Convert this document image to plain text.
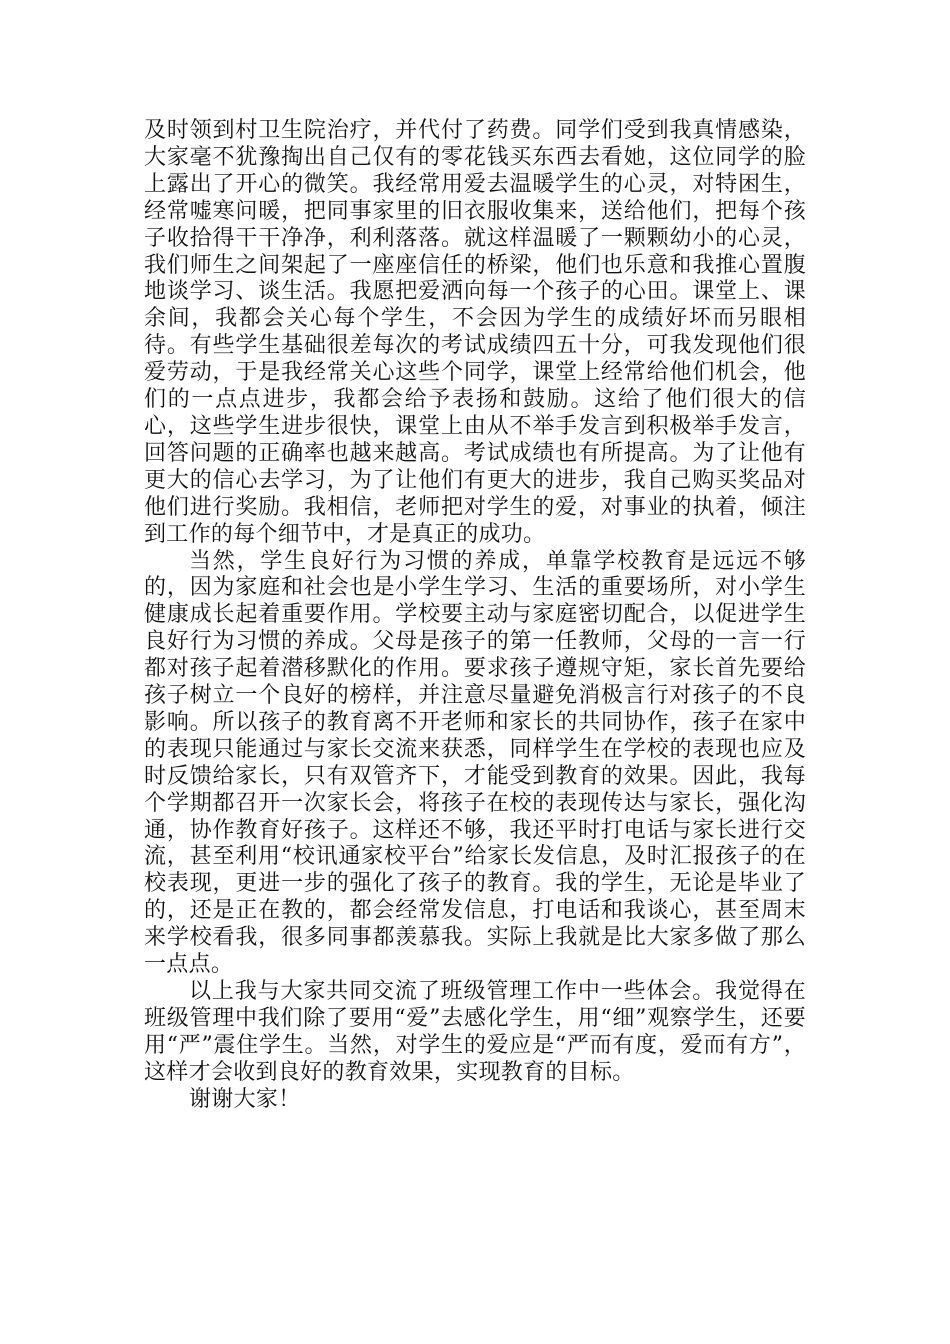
及时领到村卫生院治疗，并代付了药费。同学们受到我真情感染，大家毫不犹豫掏出自己仅有的零花钱买东西去看她，这位同学的脸上露出了开心的微笑。我经常用爱去温暖学生的心灵，对特困生，经常嘘寒问暖，把同事家里的旧衣服收集来，送给他们，把每个孩子收拾得干干净净，利利落落。就这样温暖了一颗颗幼小的心灵，我们师生之间架起了一座座信任的桥梁，他们也乐意和我推心置腹地谈学习、谈生活。我愿把爱洒向每一个孩子的心田。课堂上、课余间，我都会关心每个学生，不会因为学生的成绩好坏而另眼相待。有些学生基础很差每次的考试成绩四五十分，可我发现他们很爱劳动，于是我经常关心这些个同学，课堂上经常给他们机会，他们的一点点进步，我都会给予表扬和鼓励。这给了他们很大的信心，这些学生进步很快，课堂上由从不举手发言到积极举手发言，回答问题的正确率也越来越高。考试成绩也有所提高。为了让他有更大的信心去学习，为了让他们有更大的进步，我自己购买奖品对他们进行奖励。我相信，老师把对学生的爱，对事业的执着，倾注到工作的每个细节中，才是真正的成功。

当然，学生良好行为习惯的养成，单靠学校教育是远远不够的，因为家庭和社会也是小学生学习、生活的重要场所，对小学生健康成长起着重要作用。学校要主动与家庭密切配合，以促进学生良好行为习惯的养成。父母是孩子的第一任教师，父母的一言一行都对孩子起着潜移默化的作用。要求孩子遵规守矩，家长首先要给孩子树立一个良好的榜样，并注意尽量避免消极言行对孩子的不良影响。所以孩子的教育离不开老师和家长的共同协作，孩子在家中的表现只能通过与家长交流来获悉，同样学生在学校的表现也应及时反馈给家长，只有双管齐下，才能受到教育的效果。因此，我每个学期都召开一次家长会，将孩子在校的表现传达与家长，强化沟通，协作教育好孩子。这样还不够，我还平时打电话与家长进行交流，甚至利用“校讯通家校平台”给家长发信息，及时汇报孩子的在校表现，更进一步的强化了孩子的教育。我的学生，无论是毕业了的，还是正在教的，都会经常发信息，打电话和我谈心，甚至周末来学校看我，很多同事都羡慕我。实际上我就是比大家多做了那么一点点。

以上我与大家共同交流了班级管理工作中一些体会。我觉得在班级管理中我们除了要用“爱”去感化学生，用“细”观察学生，还要用“严”震住学生。当然，对学生的爱应是“严而有度，爱而有方”，这样才会收到良好的教育效果，实现教育的目标。

谢谢大家！
